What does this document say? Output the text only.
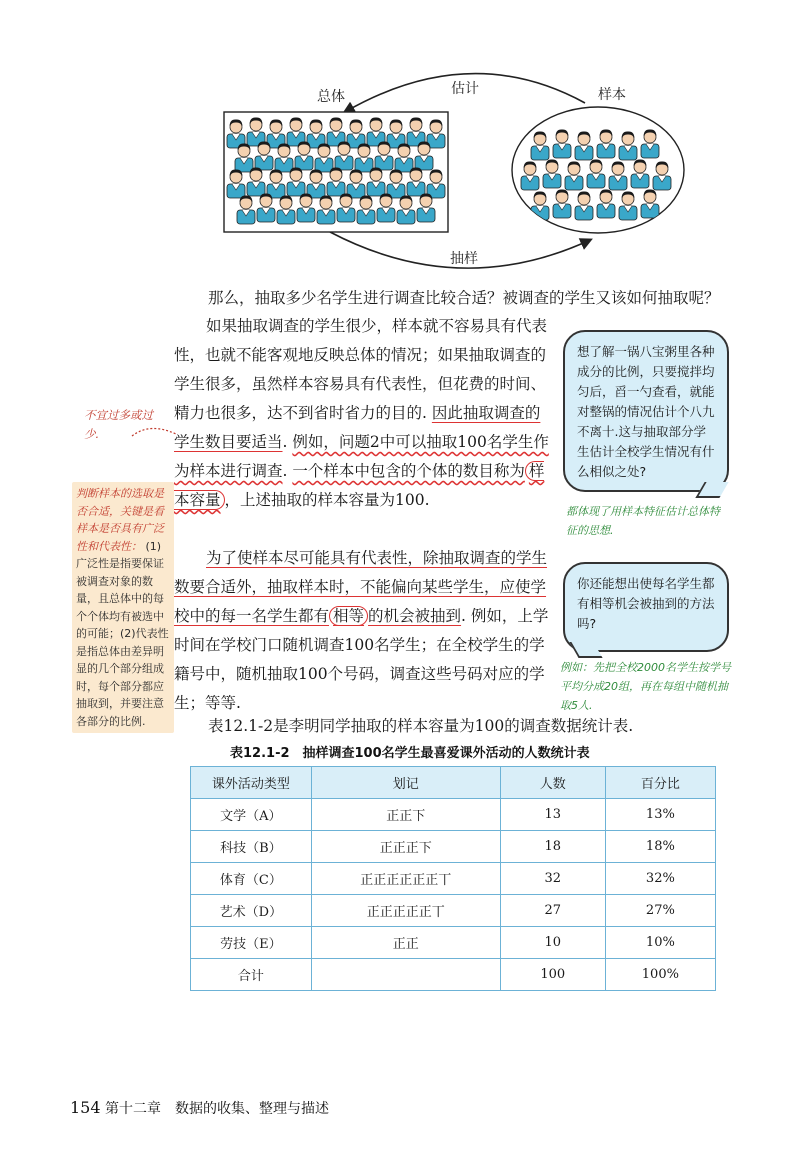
总体	估计	样本
抽样
那么，抽取多少名学生进行调查比较合适？被调查的学生又该如何抽取呢？
如果抽取调查的学生很少，样本就不容易具有代表性，也就不能客观地反映总体的情况；如果抽取调查的学生很多，虽然样本容易具有代表性，但花费的时间、精力也很多，达不到省时省力的目的. 因此抽取调查的学生数目要适当. 例如，问题2中可以抽取100名学生作为样本进行调查. 一个样本中包含的个体的数目称为 样本容量 ，上述抽取的样本容量为100.
为了使样本尽可能具有代表性，除抽取调查的学生数要合适外，抽取样本时，不能偏向某些学生，应使学校中的每一名学生都有 相等 的机会被抽到. 例如，上学时间在学校门口随机调查100名学生；在全校学生的学籍号中，随机抽取100个号码，调查这些号码对应的学生；等等.
表12.1-2是李明同学抽取的样本容量为100的调查数据统计表.
不宜过多或过少.
判断样本的选取是否合适，关键是看样本是否具有广泛性和代表性： (1)广泛性是指要保证被调查对象的数量，且总体中的每个个体均有被选中的可能；(2)代表性是指总体由差异明显的几个部分组成时，每个部分都应抽取到，并要注意各部分的比例.
想了解一锅八宝粥里各种成分的比例，只要搅拌均匀后，舀一勺查看，就能对整锅的情况估计个八九不离十.这与抽取部分学生估计全校学生情况有什么相似之处?
都体现了用样本特征估计总体特征的思想.
你还能想出使每名学生都有相等机会被抽到的方法吗?
例如：先把全校2000名学生按学号平均分成20组，再在每组中随机抽取5人.
表12.1-2　抽样调查100名学生最喜爱课外活动的人数统计表
课外活动类型	划记	人数	百分比
文学（A）	正正下	13	13%
科技（B）	正正正下	18	18%
体育（C）	正正正正正正丅	32	32%
艺术（D）	正正正正正丅	27	27%
劳技（E）	正正	10	10%
合计		100	100%
154 第十二章　数据的收集、整理与描述
